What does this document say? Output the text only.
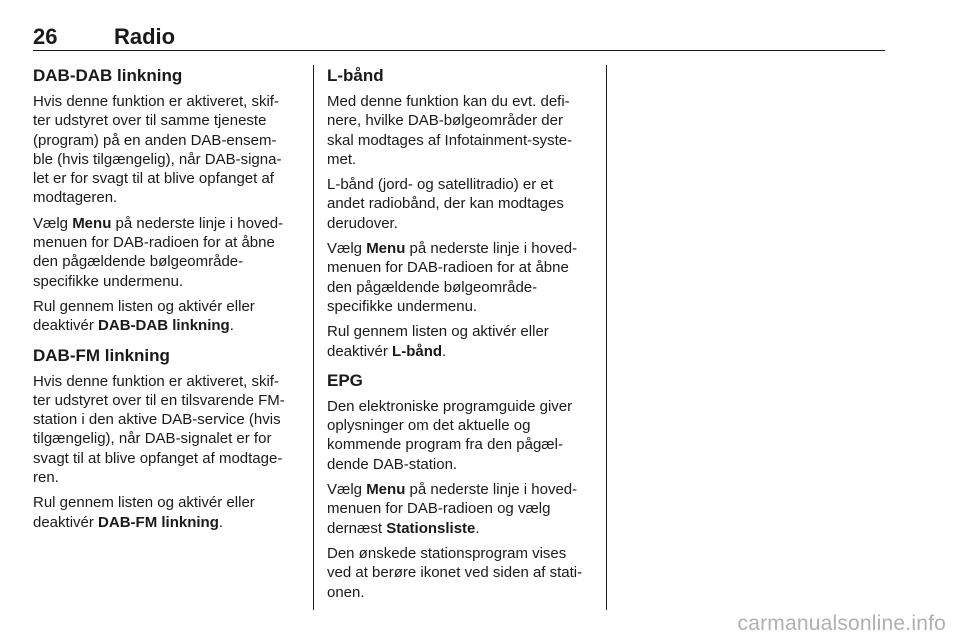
26	Radio
DAB-DAB linkning

Hvis denne funktion er aktiveret, skif-
ter udstyret over til samme tjeneste
(program) på en anden DAB-ensem-
ble (hvis tilgængelig), når DAB-signa-
let er for svagt til at blive opfanget af
modtageren.

Vælg Menu på nederste linje i hoved-
menuen for DAB-radioen for at åbne
den pågældende bølgeområde-
specifikke undermenu.

Rul gennem listen og aktivér eller
deaktivér DAB-DAB linkning.

DAB-FM linkning

Hvis denne funktion er aktiveret, skif-
ter udstyret over til en tilsvarende FM-
station i den aktive DAB-service (hvis
tilgængelig), når DAB-signalet er for
svagt til at blive opfanget af modtage-
ren.

Rul gennem listen og aktivér eller
deaktivér DAB-FM linkning.

L-bånd

Med denne funktion kan du evt. defi-
nere, hvilke DAB-bølgeområder der
skal modtages af Infotainment-syste-
met.

L-bånd (jord- og satellitradio) er et
andet radiobånd, der kan modtages
derudover.

Vælg Menu på nederste linje i hoved-
menuen for DAB-radioen for at åbne
den pågældende bølgeområde-
specifikke undermenu.

Rul gennem listen og aktivér eller
deaktivér L-bånd.

EPG

Den elektroniske programguide giver
oplysninger om det aktuelle og
kommende program fra den pågæl-
dende DAB-station.

Vælg Menu på nederste linje i hoved-
menuen for DAB-radioen og vælg
dernæst Stationsliste.

Den ønskede stationsprogram vises
ved at berøre ikonet ved siden af stati-
onen.

carmanualsonline.info
